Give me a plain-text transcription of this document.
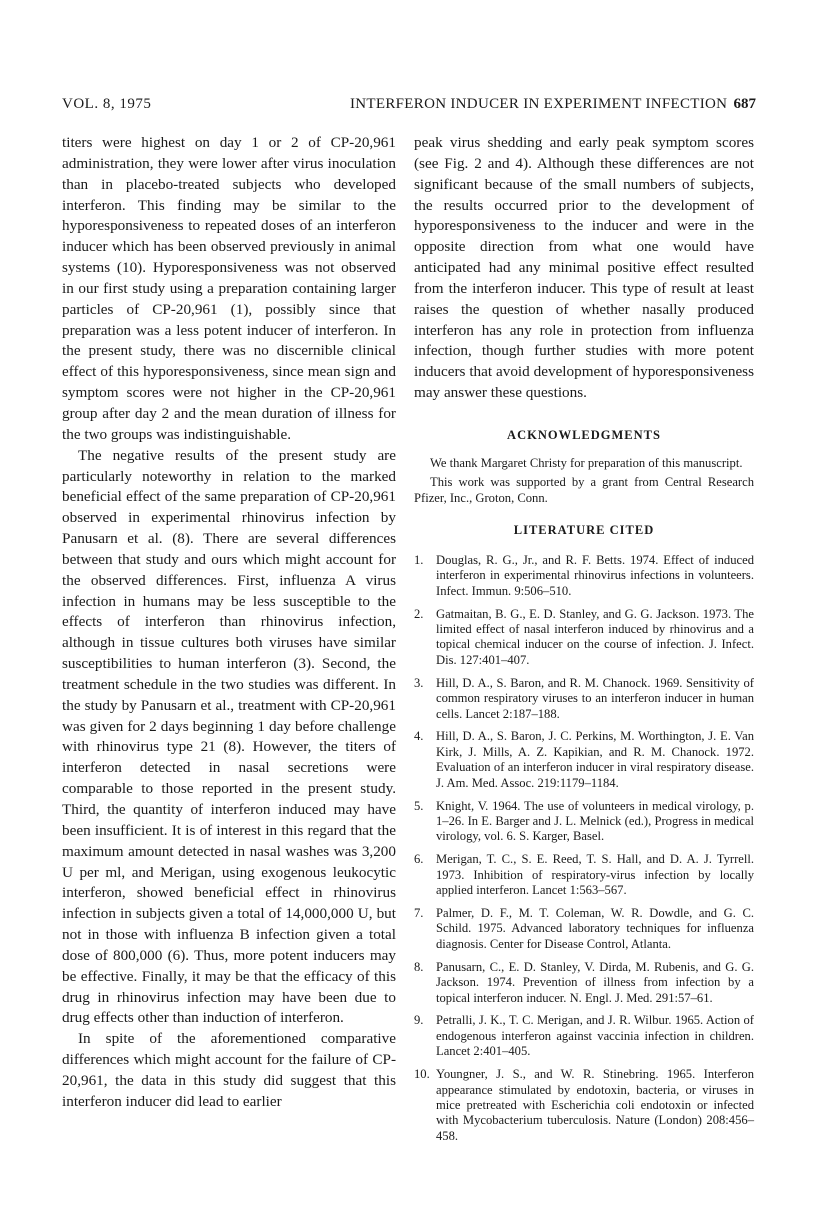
VOL. 8, 1975	INTERFERON INDUCER IN EXPERIMENT INFECTION 687

titers were highest on day 1 or 2 of CP-20,961 administration, they were lower after virus inoculation than in placebo-treated subjects who developed interferon. This finding may be similar to the hyporesponsiveness to repeated doses of an interferon inducer which has been observed previously in animal systems (10). Hyporesponsiveness was not observed in our first study using a preparation containing larger particles of CP-20,961 (1), possibly since that preparation was a less potent inducer of interferon. In the present study, there was no discernible clinical effect of this hyporesponsiveness, since mean sign and symptom scores were not higher in the CP-20,961 group after day 2 and the mean duration of illness for the two groups was indistinguishable.

The negative results of the present study are particularly noteworthy in relation to the marked beneficial effect of the same preparation of CP-20,961 observed in experimental rhinovirus infection by Panusarn et al. (8). There are several differences between that study and ours which might account for the observed differences. First, influenza A virus infection in humans may be less susceptible to the effects of interferon than rhinovirus infection, although in tissue cultures both viruses have similar susceptibilities to human interferon (3). Second, the treatment schedule in the two studies was different. In the study by Panusarn et al., treatment with CP-20,961 was given for 2 days beginning 1 day before challenge with rhinovirus type 21 (8). However, the titers of interferon detected in nasal secretions were comparable to those reported in the present study. Third, the quantity of interferon induced may have been insufficient. It is of interest in this regard that the maximum amount detected in nasal washes was 3,200 U per ml, and Merigan, using exogenous leukocytic interferon, showed beneficial effect in rhinovirus infection in subjects given a total of 14,000,000 U, but not in those with influenza B infection given a total dose of 800,000 (6). Thus, more potent inducers may be effective. Finally, it may be that the efficacy of this drug in rhinovirus infection may have been due to drug effects other than induction of interferon.

In spite of the aforementioned comparative differences which might account for the failure of CP-20,961, the data in this study did suggest that this interferon inducer did lead to earlier

peak virus shedding and early peak symptom scores (see Fig. 2 and 4). Although these differences are not significant because of the small numbers of subjects, the results occurred prior to the development of hyporesponsiveness to the inducer and were in the opposite direction from what one would have anticipated had any minimal positive effect resulted from the interferon inducer. This type of result at least raises the question of whether nasally produced interferon has any role in protection from influenza infection, though further studies with more potent inducers that avoid development of hyporesponsiveness may answer these questions.

ACKNOWLEDGMENTS

We thank Margaret Christy for preparation of this manuscript.

This work was supported by a grant from Central Research Pfizer, Inc., Groton, Conn.

LITERATURE CITED

1. Douglas, R. G., Jr., and R. F. Betts. 1974. Effect of induced interferon in experimental rhinovirus infections in volunteers. Infect. Immun. 9:506–510.
2. Gatmaitan, B. G., E. D. Stanley, and G. G. Jackson. 1973. The limited effect of nasal interferon induced by rhinovirus and a topical chemical inducer on the course of infection. J. Infect. Dis. 127:401–407.
3. Hill, D. A., S. Baron, and R. M. Chanock. 1969. Sensitivity of common respiratory viruses to an interferon inducer in human cells. Lancet 2:187–188.
4. Hill, D. A., S. Baron, J. C. Perkins, M. Worthington, J. E. Van Kirk, J. Mills, A. Z. Kapikian, and R. M. Chanock. 1972. Evaluation of an interferon inducer in viral respiratory disease. J. Am. Med. Assoc. 219:1179–1184.
5. Knight, V. 1964. The use of volunteers in medical virology, p. 1–26. In E. Barger and J. L. Melnick (ed.), Progress in medical virology, vol. 6. S. Karger, Basel.
6. Merigan, T. C., S. E. Reed, T. S. Hall, and D. A. J. Tyrrell. 1973. Inhibition of respiratory-virus infection by locally applied interferon. Lancet 1:563–567.
7. Palmer, D. F., M. T. Coleman, W. R. Dowdle, and G. C. Schild. 1975. Advanced laboratory techniques for influenza diagnosis. Center for Disease Control, Atlanta.
8. Panusarn, C., E. D. Stanley, V. Dirda, M. Rubenis, and G. G. Jackson. 1974. Prevention of illness from infection by a topical interferon inducer. N. Engl. J. Med. 291:57–61.
9. Petralli, J. K., T. C. Merigan, and J. R. Wilbur. 1965. Action of endogenous interferon against vaccinia infection in children. Lancet 2:401–405.
10. Youngner, J. S., and W. R. Stinebring. 1965. Interferon appearance stimulated by endotoxin, bacteria, or viruses in mice pretreated with Escherichia coli endotoxin or infected with Mycobacterium tuberculosis. Nature (London) 208:456–458.
